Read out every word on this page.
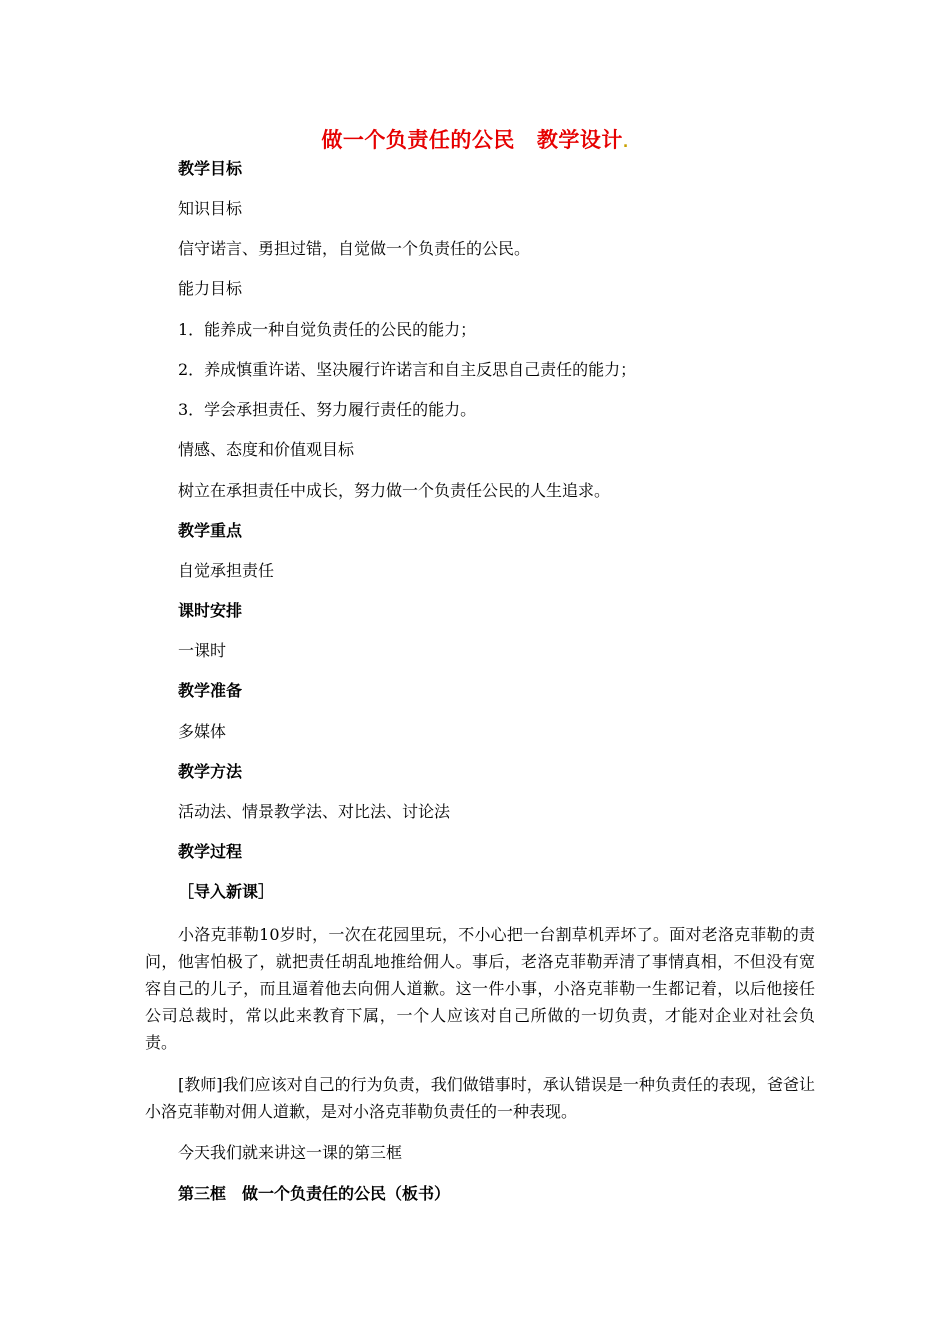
做一个负责任的公民 教学设计.
教学目标
知识目标
信守诺言、勇担过错，自觉做一个负责任的公民。
能力目标
1．能养成一种自觉负责任的公民的能力；
2．养成慎重许诺、坚决履行许诺言和自主反思自己责任的能力；
3．学会承担责任、努力履行责任的能力。
情感、态度和价值观目标
树立在承担责任中成长，努力做一个负责任公民的人生追求。
教学重点
自觉承担责任
课时安排
一课时
教学准备
多媒体
教学方法
活动法、情景教学法、对比法、讨论法
教学过程
［导入新课］
小洛克菲勒10岁时，一次在花园里玩，不小心把一台割草机弄坏了。面对老洛克菲勒的责问，他害怕极了，就把责任胡乱地推给佣人。事后，老洛克菲勒弄清了事情真相，不但没有宽容自己的儿子，而且逼着他去向佣人道歉。这一件小事，小洛克菲勒一生都记着，以后他接任公司总裁时，常以此来教育下属，一个人应该对自己所做的一切负责，才能对企业对社会负责。
[教师]我们应该对自己的行为负责，我们做错事时，承认错误是一种负责任的表现，爸爸让小洛克菲勒对佣人道歉，是对小洛克菲勒负责任的一种表现。
今天我们就来讲这一课的第三框
第三框　做一个负责任的公民（板书）
